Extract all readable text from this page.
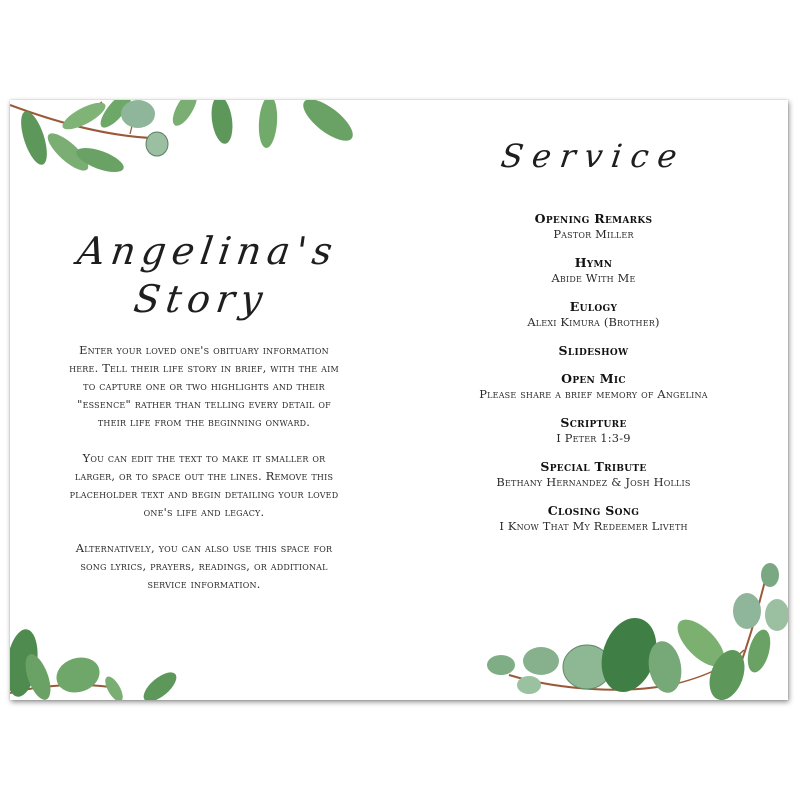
Angelina's
Story

Enter your loved one's obituary information here. Tell their life story in brief, with the aim to capture one or two highlights and their "essence" rather than telling every detail of their life from the beginning onward.

You can edit the text to make it smaller or larger, or to space out the lines. Remove this placeholder text and begin detailing your loved one's life and legacy.

Alternatively, you can also use this space for song lyrics, prayers, readings, or additional service information.

Service
Opening Remarks
Pastor Miller
Hymn
Abide With Me
Eulogy
Alexi Kimura (Brother)
Slideshow
Open Mic
Please share a brief memory of Angelina
Scripture
I Peter 1:3-9
Special Tribute
Bethany Hernandez & Josh Hollis
Closing Song
I Know That My Redeemer Liveth
